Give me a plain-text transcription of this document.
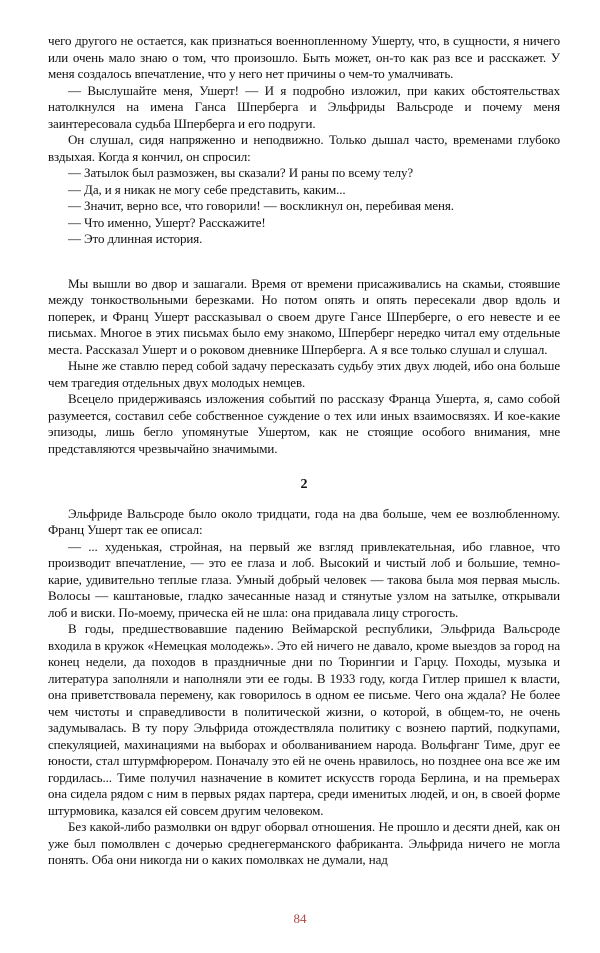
чего другого не остается, как признаться военнопленному Ушерту, что, в сущности, я ничего или очень мало знаю о том, что произошло. Быть может, он-то как раз все и расскажет. У меня создалось впечатление, что у него нет причины о чем-то умалчивать.

— Выслушайте меня, Ушерт! — И я подробно изложил, при каких обстоятельствах натолкнулся на имена Ганса Шперберга и Эльфриды Вальсроде и почему меня заинтересовала судьба Шперберга и его подруги.

Он слушал, сидя напряженно и неподвижно. Только дышал часто, временами глубоко вздыхая. Когда я кончил, он спросил:

— Затылок был размозжен, вы сказали? И раны по всему телу?

— Да, и я никак не могу себе представить, каким...

— Значит, верно все, что говорили! — воскликнул он, перебивая меня.

— Что именно, Ушерт? Расскажите!

— Это длинная история.

Мы вышли во двор и зашагали. Время от времени присаживались на скамьи, стоявшие между тонкоствольными березками. Но потом опять и опять пересекали двор вдоль и поперек, и Франц Ушерт рассказывал о своем друге Гансе Шперберге, о его невесте и ее письмах. Многое в этих письмах было ему знакомо, Шперберг нередко читал ему отдельные места. Рассказал Ушерт и о роковом дневнике Шперберга. А я все только слушал и слушал.

Ныне же ставлю перед собой задачу пересказать судьбу этих двух людей, ибо она больше чем трагедия отдельных двух молодых немцев.

Всецело придерживаясь изложения событий по рассказу Франца Ушерта, я, само собой разумеется, составил себе собственное суждение о тех или иных взаимосвязях. И кое-какие эпизоды, лишь бегло упомянутые Ушертом, как не стоящие особого внимания, мне представляются чрезвычайно значимыми.

2

Эльфриде Вальсроде было около тридцати, года на два больше, чем ее возлюбленному. Франц Ушерт так ее описал:

— ... худенькая, стройная, на первый же взгляд привлекательная, ибо главное, что производит впечатление, — это ее глаза и лоб. Высокий и чистый лоб и большие, темно-карие, удивительно теплые глаза. Умный добрый человек — такова была моя первая мысль. Волосы — каштановые, гладко зачесанные назад и стянутые узлом на затылке, открывали лоб и виски. По-моему, прическа ей не шла: она придавала лицу строгость.

В годы, предшествовавшие падению Веймарской республики, Эльфрида Вальсроде входила в кружок «Немецкая молодежь». Это ей ничего не давало, кроме выездов за город на конец недели, да походов в праздничные дни по Тюрингии и Гарцу. Походы, музыка и литература заполняли и наполняли эти ее годы. В 1933 году, когда Гитлер пришел к власти, она приветствовала перемену, как говорилось в одном ее письме. Чего она ждала? Не более чем чистоты и справедливости в политической жизни, о которой, в общем-то, не очень задумывалась. В ту пору Эльфрида отождествляла политику с вознею партий, подкупами, спекуляцией, махинациями на выборах и оболваниванием народа. Вольфганг Тиме, друг ее юности, стал штурмфюрером. Поначалу это ей не очень нравилось, но позднее она все же им гордилась... Тиме получил назначение в комитет искусств города Берлина, и на премьерах она сидела рядом с ним в первых рядах партера, среди именитых людей, и он, в своей форме штурмовика, казался ей совсем другим человеком.

Без какой-либо размолвки он вдруг оборвал отношения. Не прошло и десяти дней, как он уже был помолвлен с дочерью среднегерманского фабриканта. Эльфрида ничего не могла понять. Оба они никогда ни о каких помолвках не думали, над

84
